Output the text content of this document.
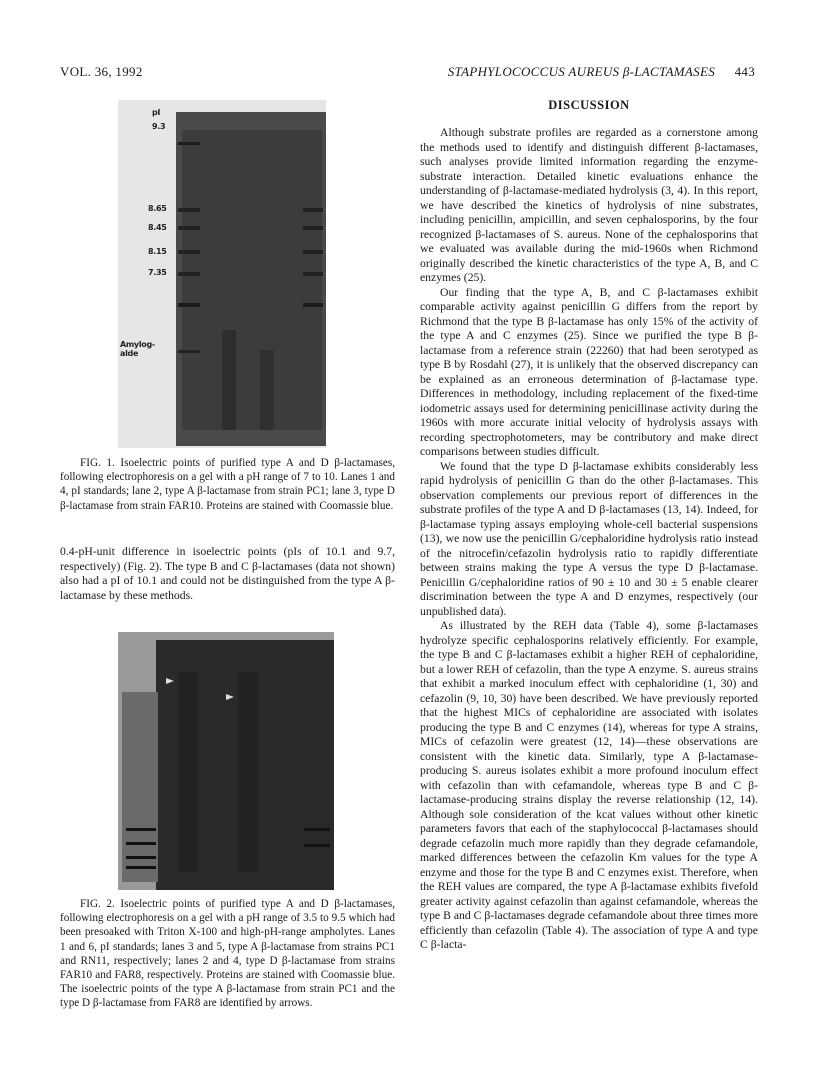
VOL. 36, 1992	STAPHYLOCOCCUS AUREUS β-LACTAMASES 443
pI
9.3
8.65
8.45
8.15
7.35
Amylog-
alde
FIG. 1. Isoelectric points of purified type A and D β-lactamases, following electrophoresis on a gel with a pH range of 7 to 10. Lanes 1 and 4, pI standards; lane 2, type A β-lactamase from strain PC1; lane 3, type D β-lactamase from strain FAR10. Proteins are stained with Coomassie blue.

0.4-pH-unit difference in isoelectric points (pIs of 10.1 and 9.7, respectively) (Fig. 2). The type B and C β-lactamases (data not shown) also had a pI of 10.1 and could not be distinguished from the type A β-lactamase by these methods.

FIG. 2. Isoelectric points of purified type A and D β-lactamases, following electrophoresis on a gel with a pH range of 3.5 to 9.5 which had been presoaked with Triton X-100 and high-pH-range ampholytes. Lanes 1 and 6, pI standards; lanes 3 and 5, type A β-lactamase from strains PC1 and RN11, respectively; lanes 2 and 4, type D β-lactamase from strains FAR10 and FAR8, respectively. Proteins are stained with Coomassie blue. The isoelectric points of the type A β-lactamase from strain PC1 and the type D β-lactamase from FAR8 are identified by arrows.
DISCUSSION

Although substrate profiles are regarded as a cornerstone among the methods used to identify and distinguish different β-lactamases, such analyses provide limited information regarding the enzyme-substrate interaction. Detailed kinetic evaluations enhance the understanding of β-lactamase-mediated hydrolysis (3, 4). In this report, we have described the kinetics of hydrolysis of nine substrates, including penicillin, ampicillin, and seven cephalosporins, by the four recognized β-lactamases of S. aureus. None of the cephalosporins that we evaluated was available during the mid-1960s when Richmond originally described the kinetic characteristics of the type A, B, and C enzymes (25).

Our finding that the type A, B, and C β-lactamases exhibit comparable activity against penicillin G differs from the report by Richmond that the type B β-lactamase has only 15% of the activity of the type A and C enzymes (25). Since we purified the type B β-lactamase from a reference strain (22260) that had been serotyped as type B by Rosdahl (27), it is unlikely that the observed discrepancy can be explained as an erroneous determination of β-lactamase type. Differences in methodology, including replacement of the fixed-time iodometric assays used for determining penicillinase activity during the 1960s with more accurate initial velocity of hydrolysis assays with recording spectrophotometers, may be contributory and make direct comparisons between studies difficult.

We found that the type D β-lactamase exhibits considerably less rapid hydrolysis of penicillin G than do the other β-lactamases. This observation complements our previous report of differences in the substrate profiles of the type A and D β-lactamases (13, 14). Indeed, for β-lactamase typing assays employing whole-cell bacterial suspensions (13), we now use the penicillin G/cephaloridine hydrolysis ratio instead of the nitrocefin/cefazolin hydrolysis ratio to rapidly differentiate between strains making the type A versus the type D β-lactamase. Penicillin G/cephaloridine ratios of 90 ± 10 and 30 ± 5 enable clearer discrimination between the type A and D enzymes, respectively (our unpublished data).

As illustrated by the REH data (Table 4), some β-lactamases hydrolyze specific cephalosporins relatively efficiently. For example, the type B and C β-lactamases exhibit a higher REH of cephaloridine, but a lower REH of cefazolin, than the type A enzyme. S. aureus strains that exhibit a marked inoculum effect with cephaloridine (1, 30) and cefazolin (9, 10, 30) have been described. We have previously reported that the highest MICs of cephaloridine are associated with isolates producing the type B and C enzymes (14), whereas for type A strains, MICs of cefazolin were greatest (12, 14)—these observations are consistent with the kinetic data. Similarly, type A β-lactamase-producing S. aureus isolates exhibit a more profound inoculum effect with cefazolin than with cefamandole, whereas type B and C β-lactamase-producing strains display the reverse relationship (12, 14). Although sole consideration of the kcat values without other kinetic parameters favors that each of the staphylococcal β-lactamases should degrade cefazolin much more rapidly than they degrade cefamandole, marked differences between the cefazolin Km values for the type A enzyme and those for the type B and C enzymes exist. Therefore, when the REH values are compared, the type A β-lactamase exhibits fivefold greater activity against cefazolin than against cefamandole, whereas the type B and C β-lactamases degrade cefamandole about three times more efficiently than cefazolin (Table 4). The association of type A and type C β-lacta-
